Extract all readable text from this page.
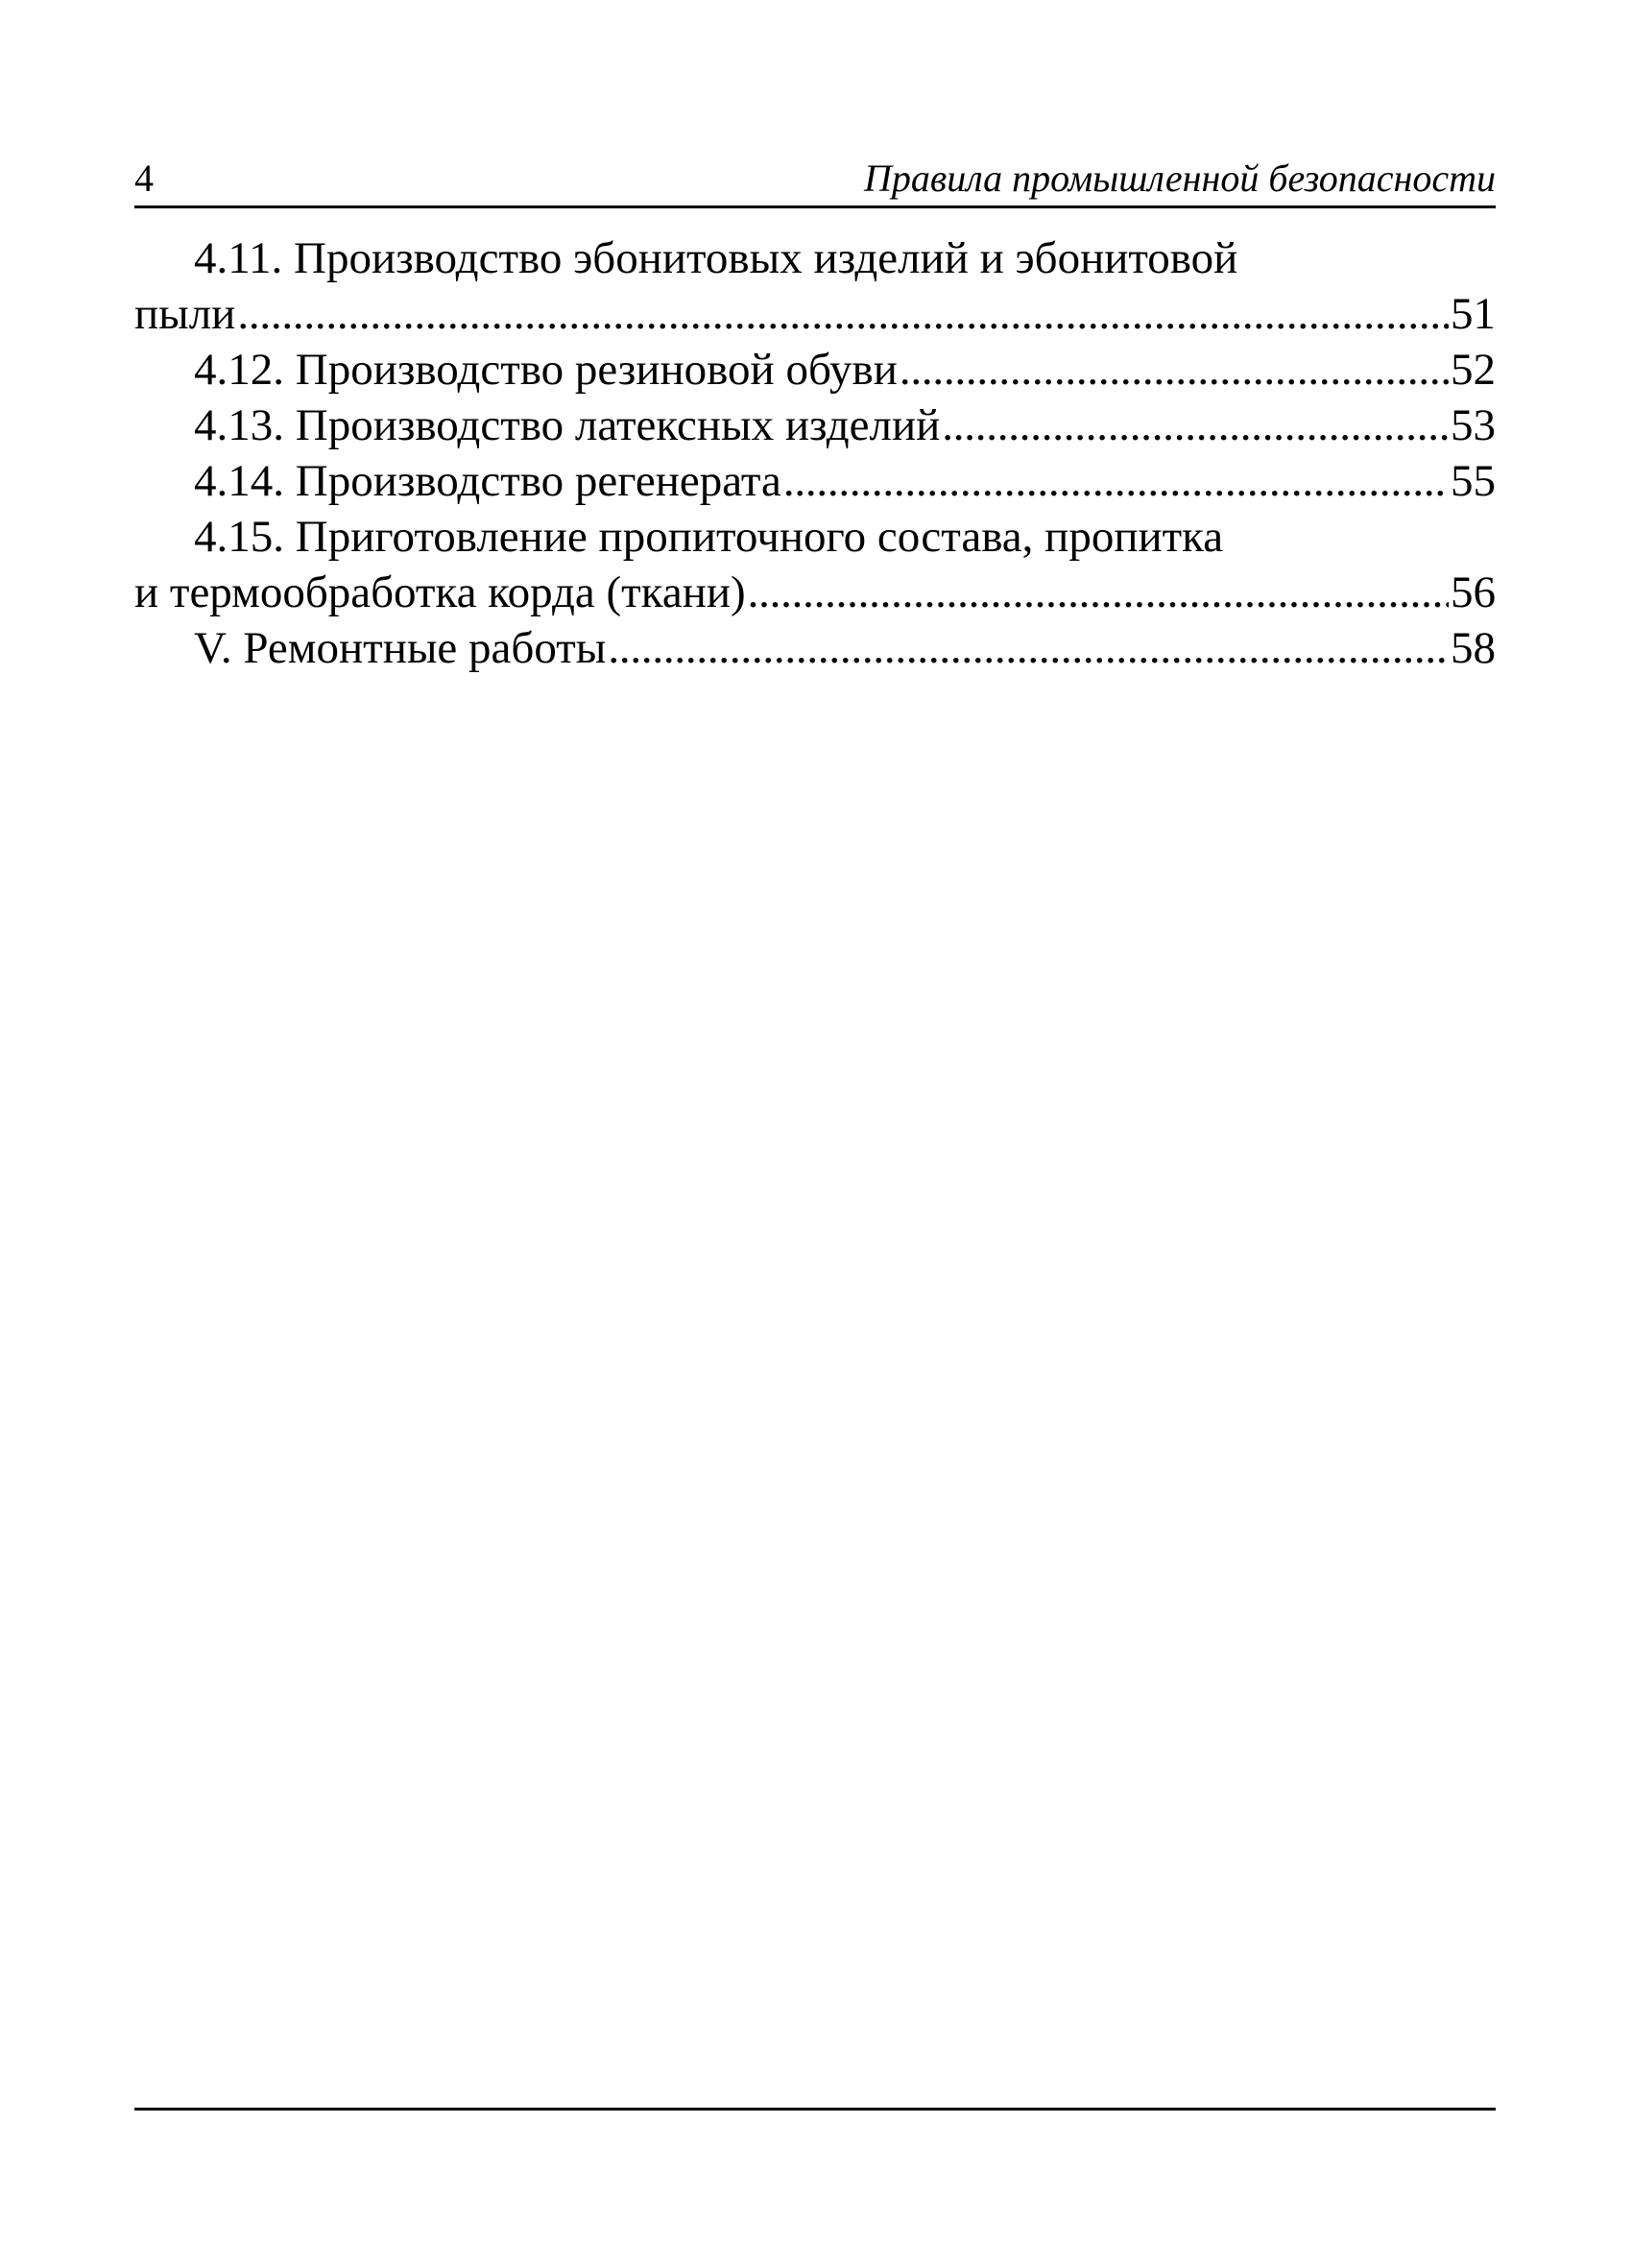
4	Правила промышленной безопасности
4.11. Производство эбонитовых изделий и эбонитовой
пыли . . .	51
4.12. Производство резиновой обуви . . .	52
4.13. Производство латексных изделий . . .	53
4.14. Производство регенерата . . .	55
4.15. Приготовление пропиточного состава, пропитка
и термообработка корда (ткани) . . .	56
V. Ремонтные работы . . .	58
